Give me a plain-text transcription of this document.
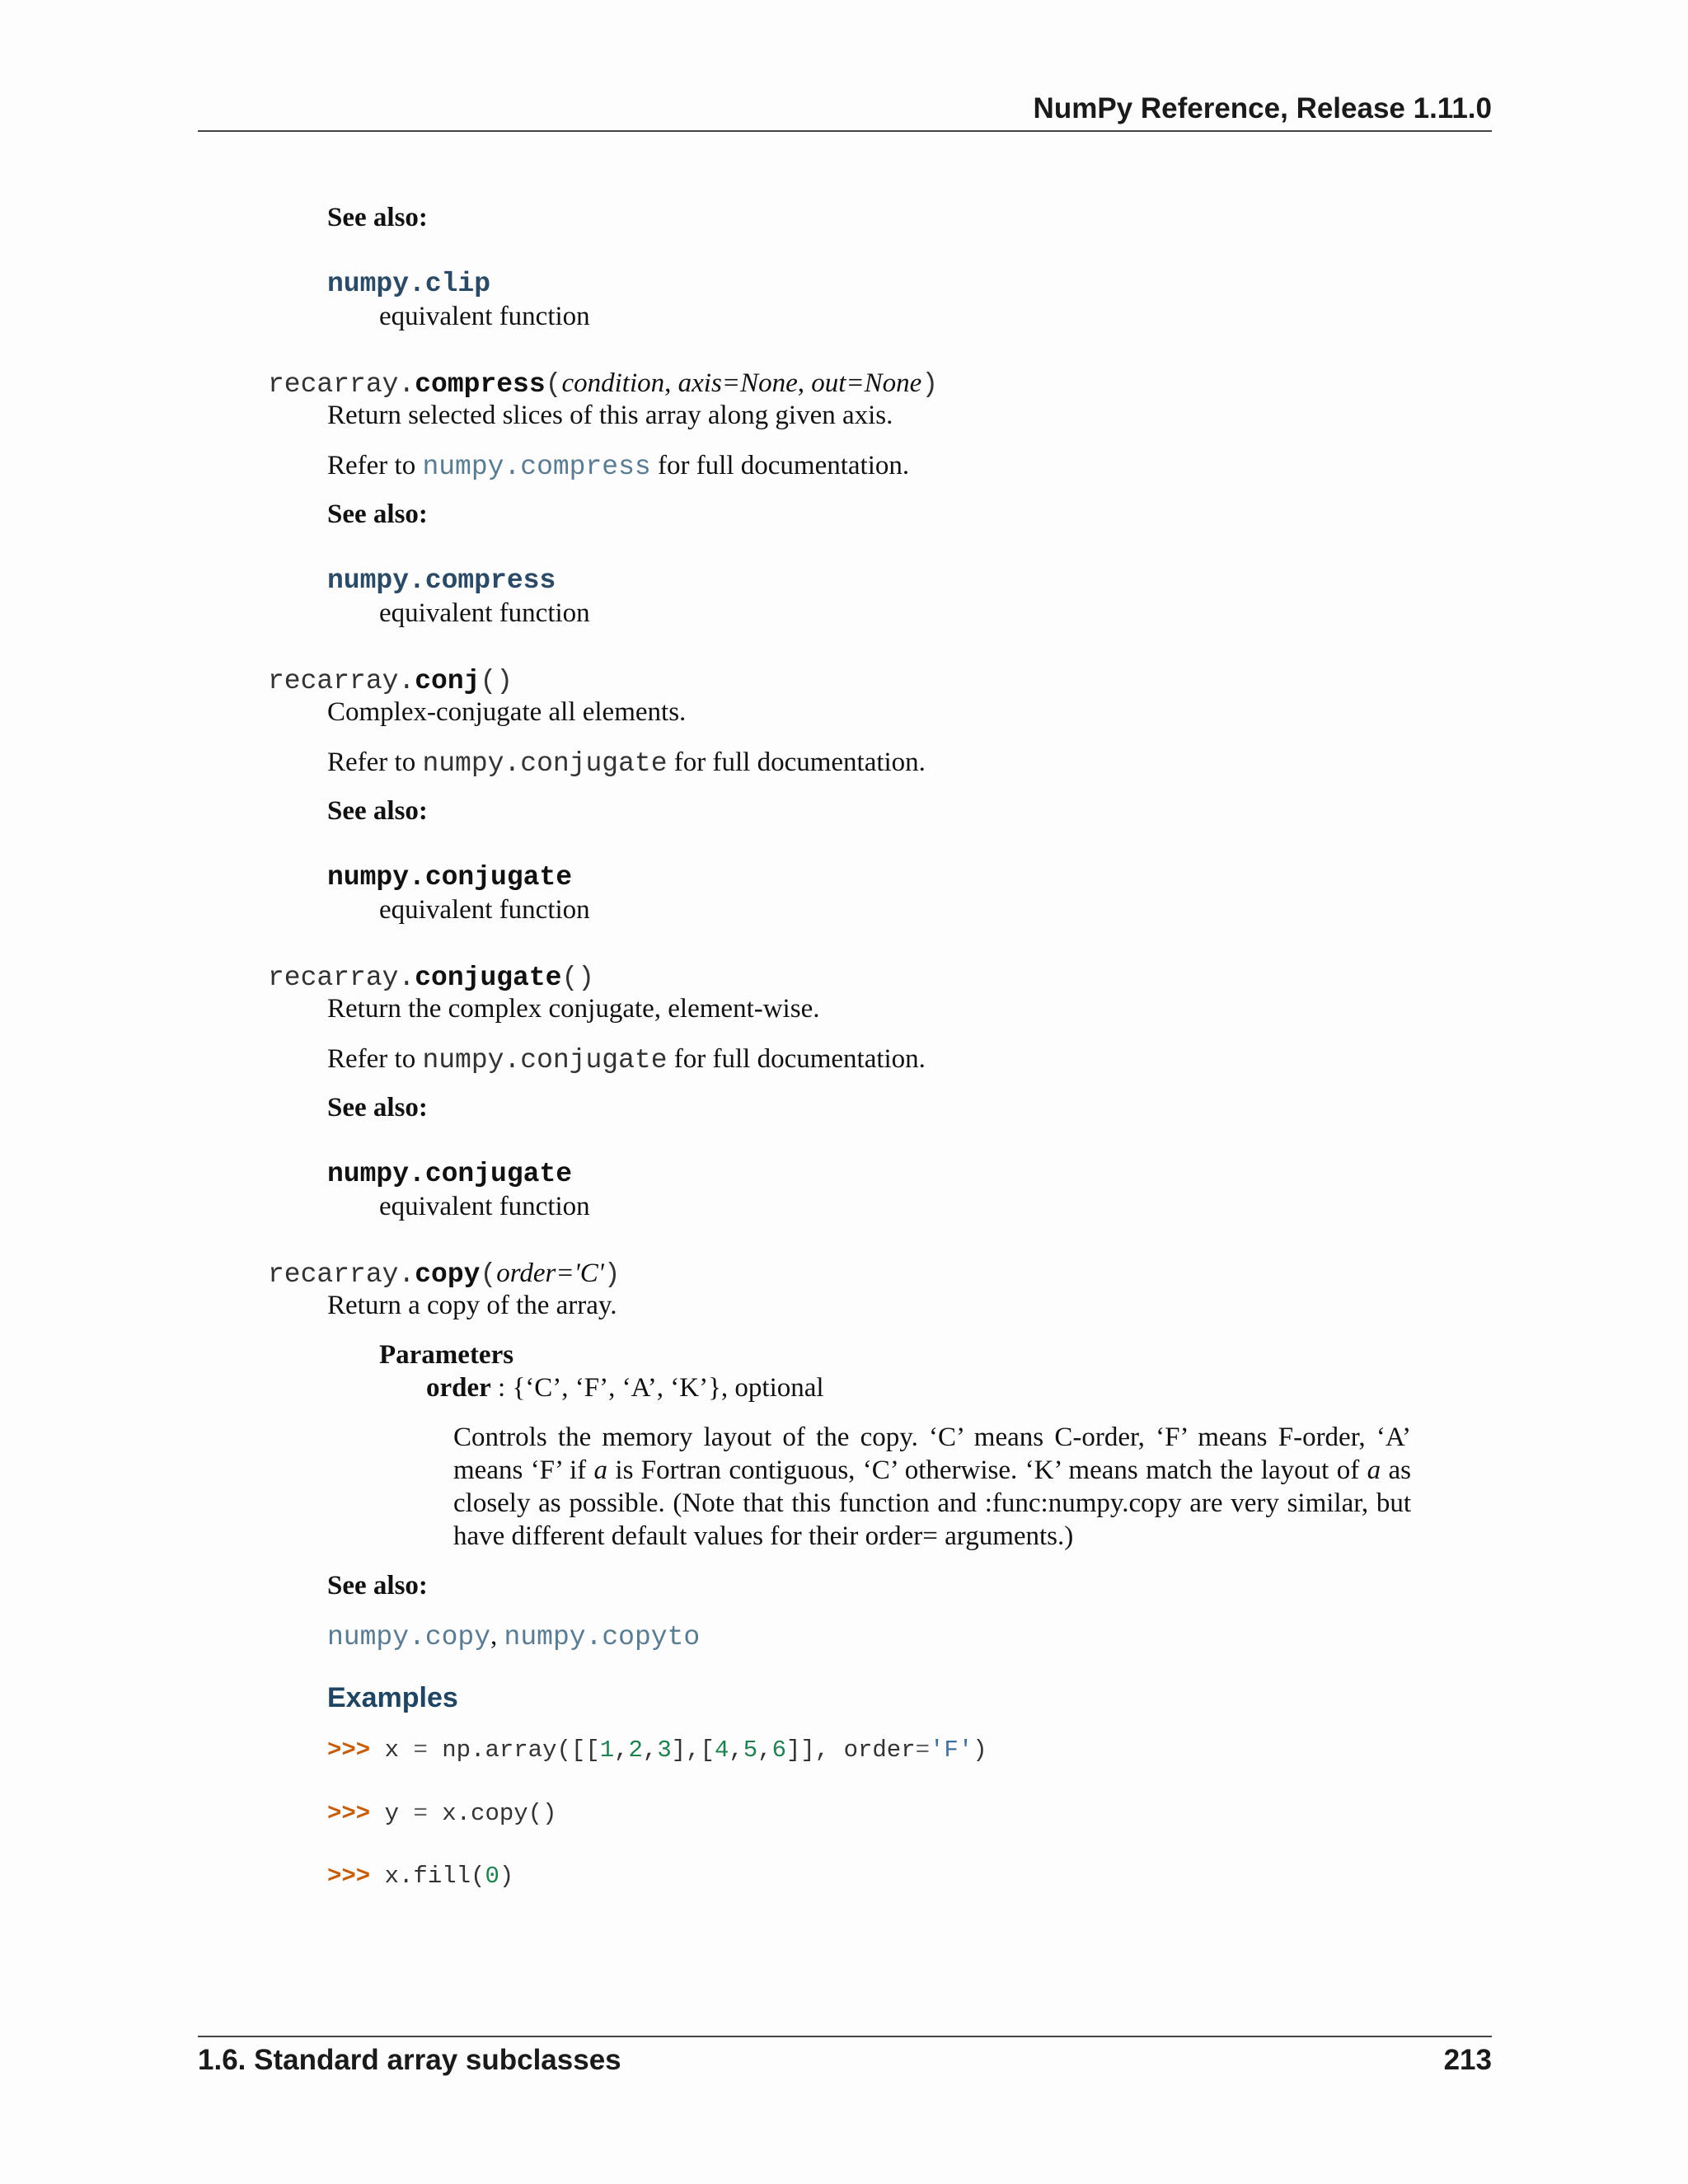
NumPy Reference, Release 1.11.0
See also:
numpy.clip
equivalent function
recarray.compress(condition, axis=None, out=None)
Return selected slices of this array along given axis.
Refer to numpy.compress for full documentation.
See also:
numpy.compress
equivalent function
recarray.conj()
Complex-conjugate all elements.
Refer to numpy.conjugate for full documentation.
See also:
numpy.conjugate
equivalent function
recarray.conjugate()
Return the complex conjugate, element-wise.
Refer to numpy.conjugate for full documentation.
See also:
numpy.conjugate
equivalent function
recarray.copy(order='C')
Return a copy of the array.
Parameters
order : {‘C’, ‘F’, ‘A’, ‘K’}, optional
Controls the memory layout of the copy. ‘C’ means C-order, ‘F’ means F-order, ‘A’ means ‘F’ if a is Fortran contiguous, ‘C’ otherwise. ‘K’ means match the layout of a as closely as possible. (Note that this function and :func:numpy.copy are very similar, but have different default values for their order= arguments.)
See also:
numpy.copy, numpy.copyto
Examples
>>> x = np.array([[1,2,3],[4,5,6]], order='F')
>>> y = x.copy()
>>> x.fill(0)
1.6. Standard array subclasses	213
